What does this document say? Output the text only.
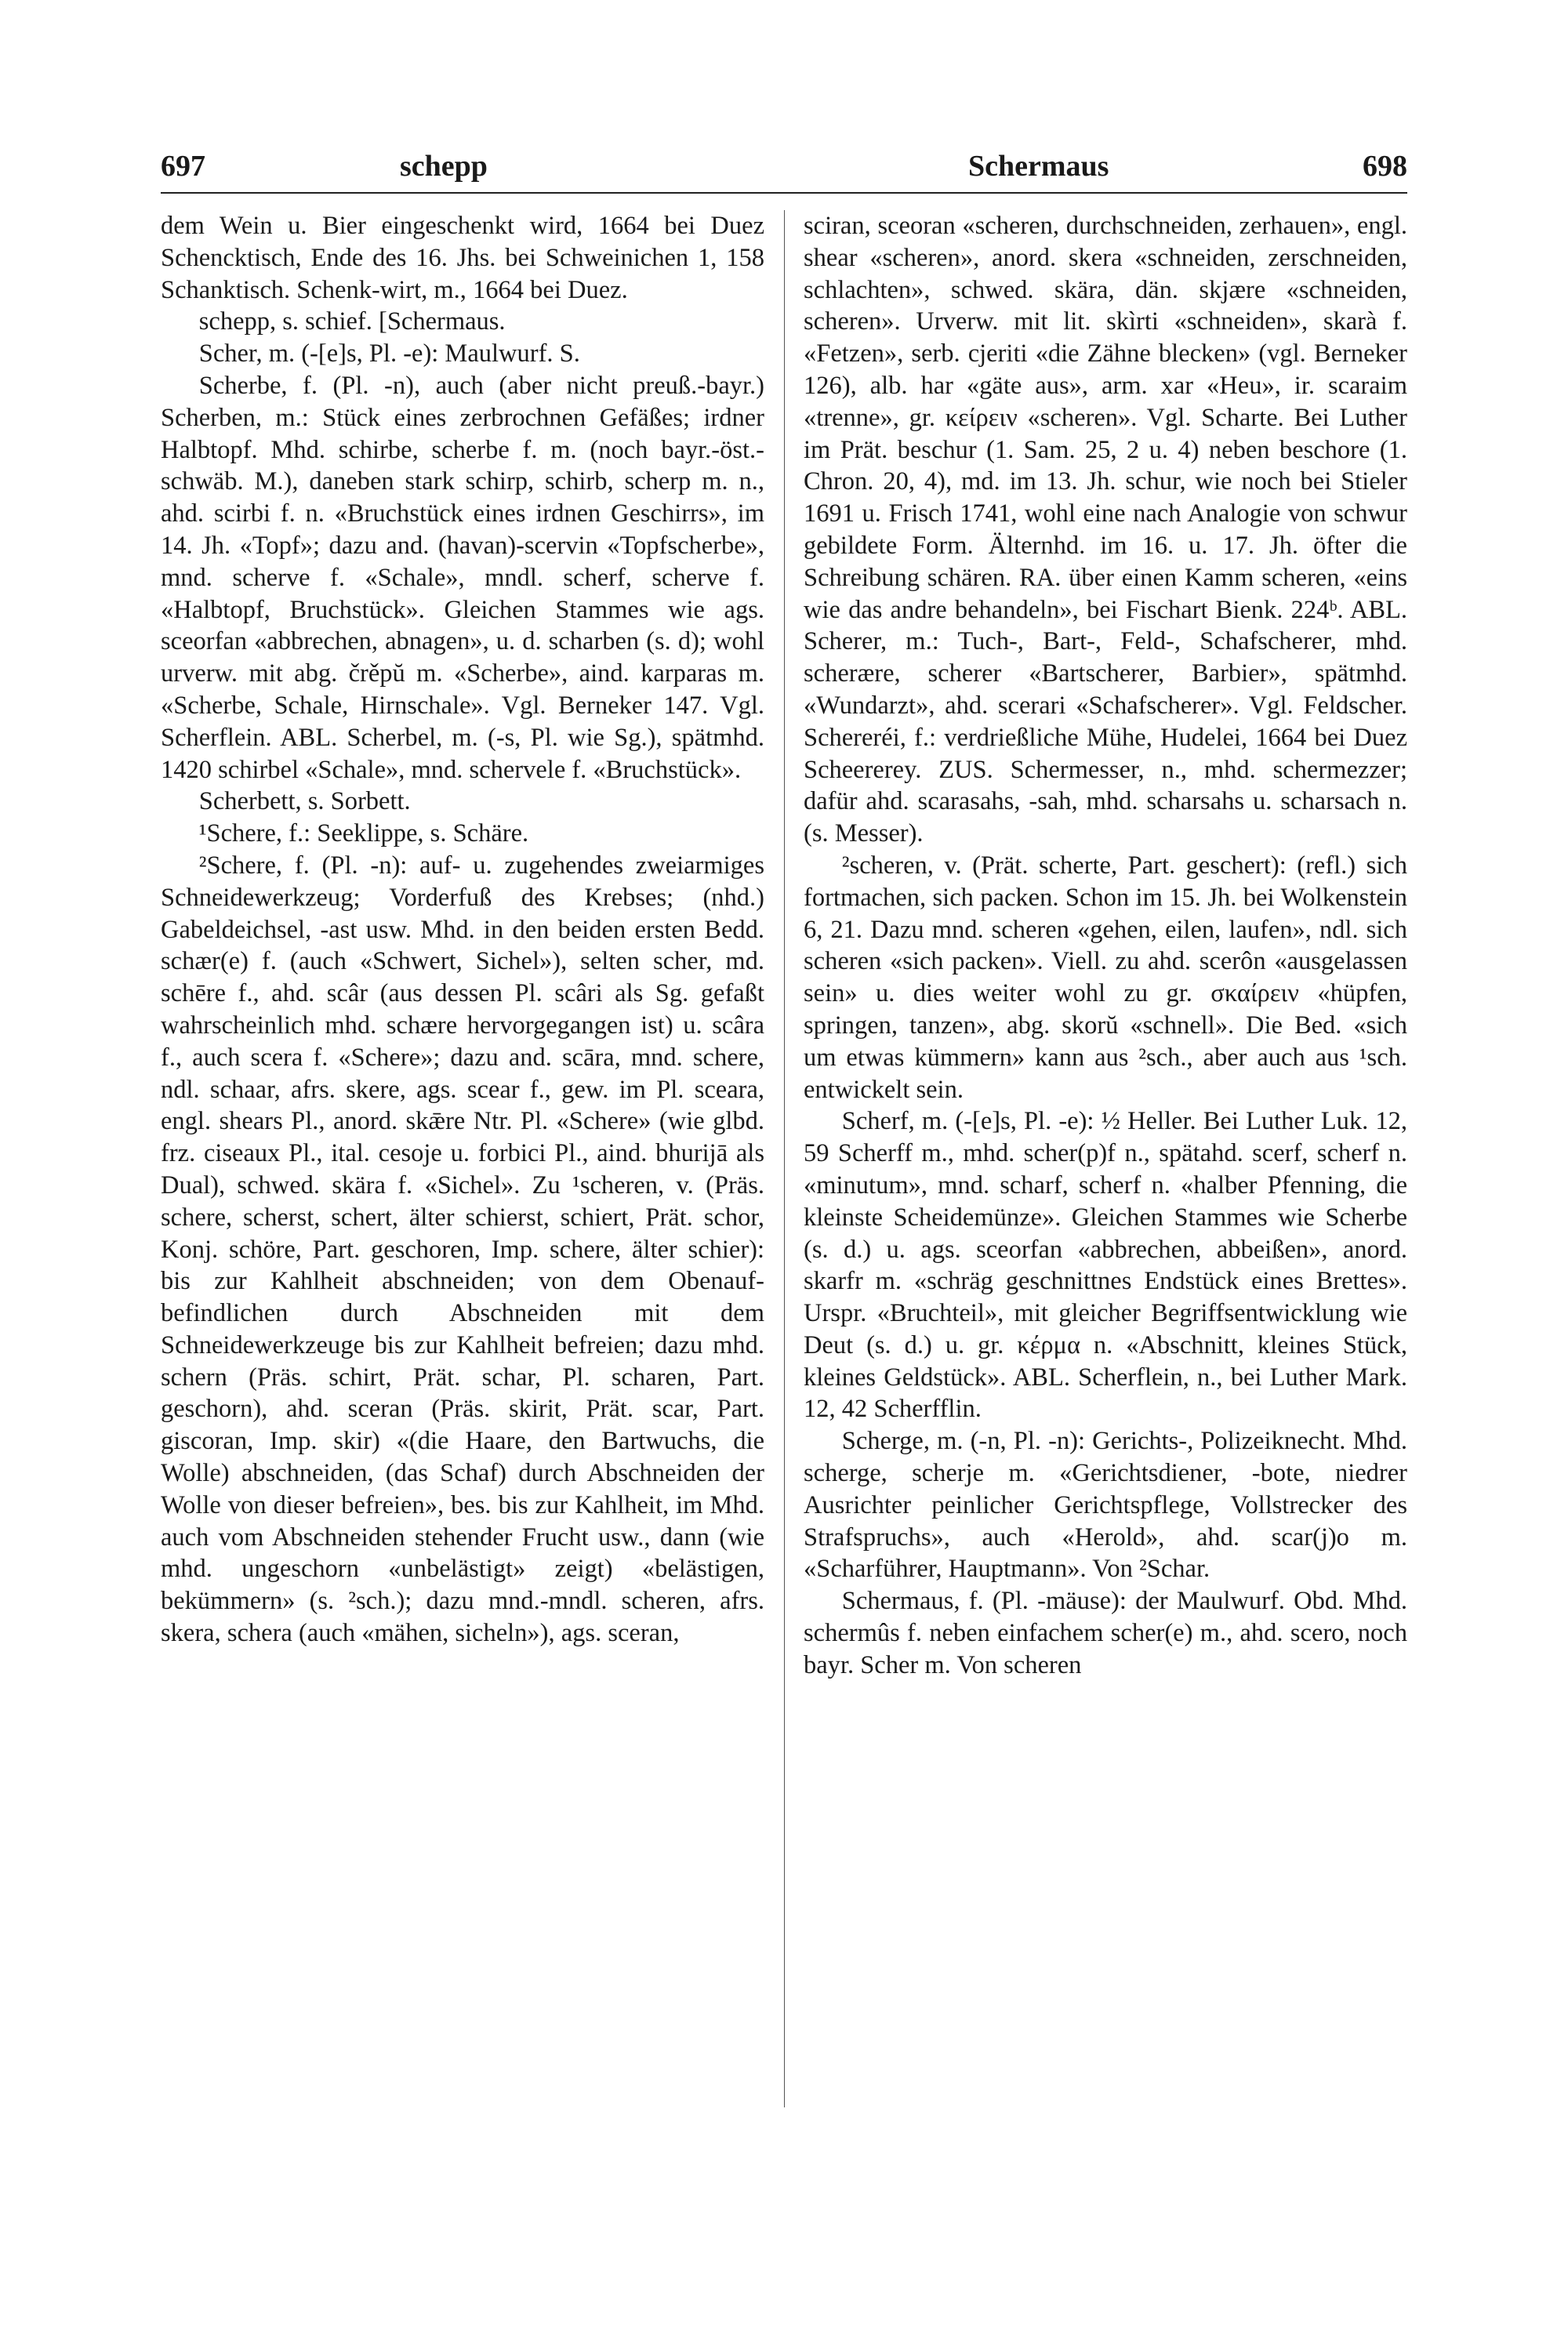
697	schepp	Schermaus	698

dem Wein u. Bier eingeschenkt wird, 1664 bei Duez Schencktisch, Ende des 16. Jhs. bei Schweinichen 1, 158 Schanktisch. Schenk-wirt, m., 1664 bei Duez.

schepp, s. schief. [Schermaus.

Scher, m. (-[e]s, Pl. -e): Maulwurf. S.

Scherbe, f. (Pl. -n), auch (aber nicht preuß.-bayr.) Scherben, m.: Stück eines zerbrochnen Gefäßes; irdner Halbtopf. Mhd. schirbe, scherbe f. m. (noch bayr.-öst.-schwäb. M.), daneben stark schirp, schirb, scherp m. n., ahd. scirbi f. n. «Bruchstück eines irdnen Geschirrs», im 14. Jh. «Topf»; dazu and. (havan)-scervin «Topfscherbe», mnd. scherve f. «Schale», mndl. scherf, scherve f. «Halbtopf, Bruchstück». Gleichen Stammes wie ags. sceorfan «abbrechen, abnagen», u. d. scharben (s. d); wohl urverw. mit abg. črěpŭ m. «Scherbe», aind. karparas m. «Scherbe, Schale, Hirnschale». Vgl. Berneker 147. Vgl. Scherflein. ABL. Scherbel, m. (-s, Pl. wie Sg.), spätmhd. 1420 schirbel «Schale», mnd. schervele f. «Bruchstück».

Scherbett, s. Sorbett.

¹Schere, f.: Seeklippe, s. Schäre.

²Schere, f. (Pl. -n): auf- u. zugehendes zweiarmiges Schneidewerkzeug; Vorderfuß des Krebses; (nhd.) Gabeldeichsel, -ast usw. Mhd. in den beiden ersten Bedd. schær(e) f. (auch «Schwert, Sichel»), selten scher, md. schēre f., ahd. scâr (aus dessen Pl. scâri als Sg. gefaßt wahrscheinlich mhd. schære hervorgegangen ist) u. scâra f., auch scera f. «Schere»; dazu and. scāra, mnd. schere, ndl. schaar, afrs. skere, ags. scear f., gew. im Pl. sceara, engl. shears Pl., anord. skǣre Ntr. Pl. «Schere» (wie glbd. frz. ciseaux Pl., ital. cesoje u. forbici Pl., aind. bhurijā als Dual), schwed. skära f. «Sichel». Zu ¹scheren, v. (Präs. schere, scherst, schert, älter schierst, schiert, Prät. schor, Konj. schöre, Part. geschoren, Imp. schere, älter schier): bis zur Kahlheit abschneiden; von dem Obenauf-befindlichen durch Abschneiden mit dem Schneidewerkzeuge bis zur Kahlheit befreien; dazu mhd. schern (Präs. schirt, Prät. schar, Pl. scharen, Part. geschorn), ahd. sceran (Präs. skirit, Prät. scar, Part. giscoran, Imp. skir) «(die Haare, den Bartwuchs, die Wolle) abschneiden, (das Schaf) durch Abschneiden der Wolle von dieser befreien», bes. bis zur Kahlheit, im Mhd. auch vom Abschneiden stehender Frucht usw., dann (wie mhd. ungeschorn «unbelästigt» zeigt) «belästigen, bekümmern» (s. ²sch.); dazu mnd.-mndl. scheren, afrs. skera, schera (auch «mähen, sicheln»), ags. sceran,

sciran, sceoran «scheren, durchschneiden, zerhauen», engl. shear «scheren», anord. skera «schneiden, zerschneiden, schlachten», schwed. skära, dän. skjære «schneiden, scheren». Urverw. mit lit. skìrti «schneiden», skarà f. «Fetzen», serb. cjeriti «die Zähne blecken» (vgl. Berneker 126), alb. har «gäte aus», arm. xar «Heu», ir. scaraim «trenne», gr. κείρειν «scheren». Vgl. Scharte. Bei Luther im Prät. beschur (1. Sam. 25, 2 u. 4) neben beschore (1. Chron. 20, 4), md. im 13. Jh. schur, wie noch bei Stieler 1691 u. Frisch 1741, wohl eine nach Analogie von schwur gebildete Form. Älternhd. im 16. u. 17. Jh. öfter die Schreibung schären. RA. über einen Kamm scheren, «eins wie das andre behandeln», bei Fischart Bienk. 224ᵇ. ABL. Scherer, m.: Tuch-, Bart-, Feld-, Schafscherer, mhd. scherære, scherer «Bartscherer, Barbier», spätmhd. «Wundarzt», ahd. scerari «Schafscherer». Vgl. Feldscher. Schereréi, f.: verdrießliche Mühe, Hudelei, 1664 bei Duez Scheererey. ZUS. Schermesser, n., mhd. schermezzer; dafür ahd. scarasahs, -sah, mhd. scharsahs u. scharsach n. (s. Messer).

²scheren, v. (Prät. scherte, Part. geschert): (refl.) sich fortmachen, sich packen. Schon im 15. Jh. bei Wolkenstein 6, 21. Dazu mnd. scheren «gehen, eilen, laufen», ndl. sich scheren «sich packen». Viell. zu ahd. scerôn «ausgelassen sein» u. dies weiter wohl zu gr. σκαίρειν «hüpfen, springen, tanzen», abg. skorŭ «schnell». Die Bed. «sich um etwas kümmern» kann aus ²sch., aber auch aus ¹sch. entwickelt sein.

Scherf, m. (-[e]s, Pl. -e): ½ Heller. Bei Luther Luk. 12, 59 Scherff m., mhd. scher(p)f n., spätahd. scerf, scherf n. «minutum», mnd. scharf, scherf n. «halber Pfenning, die kleinste Scheidemünze». Gleichen Stammes wie Scherbe (s. d.) u. ags. sceorfan «abbrechen, abbeißen», anord. skarfr m. «schräg geschnittnes Endstück eines Brettes». Urspr. «Bruchteil», mit gleicher Begriffsentwicklung wie Deut (s. d.) u. gr. κέρμα n. «Abschnitt, kleines Stück, kleines Geldstück». ABL. Scherflein, n., bei Luther Mark. 12, 42 Scherfflin.

Scherge, m. (-n, Pl. -n): Gerichts-, Polizeiknecht. Mhd. scherge, scherje m. «Gerichtsdiener, -bote, niedrer Ausrichter peinlicher Gerichtspflege, Vollstrecker des Strafspruchs», auch «Herold», ahd. scar(j)o m. «Scharführer, Hauptmann». Von ²Schar.

Schermaus, f. (Pl. -mäuse): der Maulwurf. Obd. Mhd. schermûs f. neben einfachem scher(e) m., ahd. scero, noch bayr. Scher m. Von scheren
